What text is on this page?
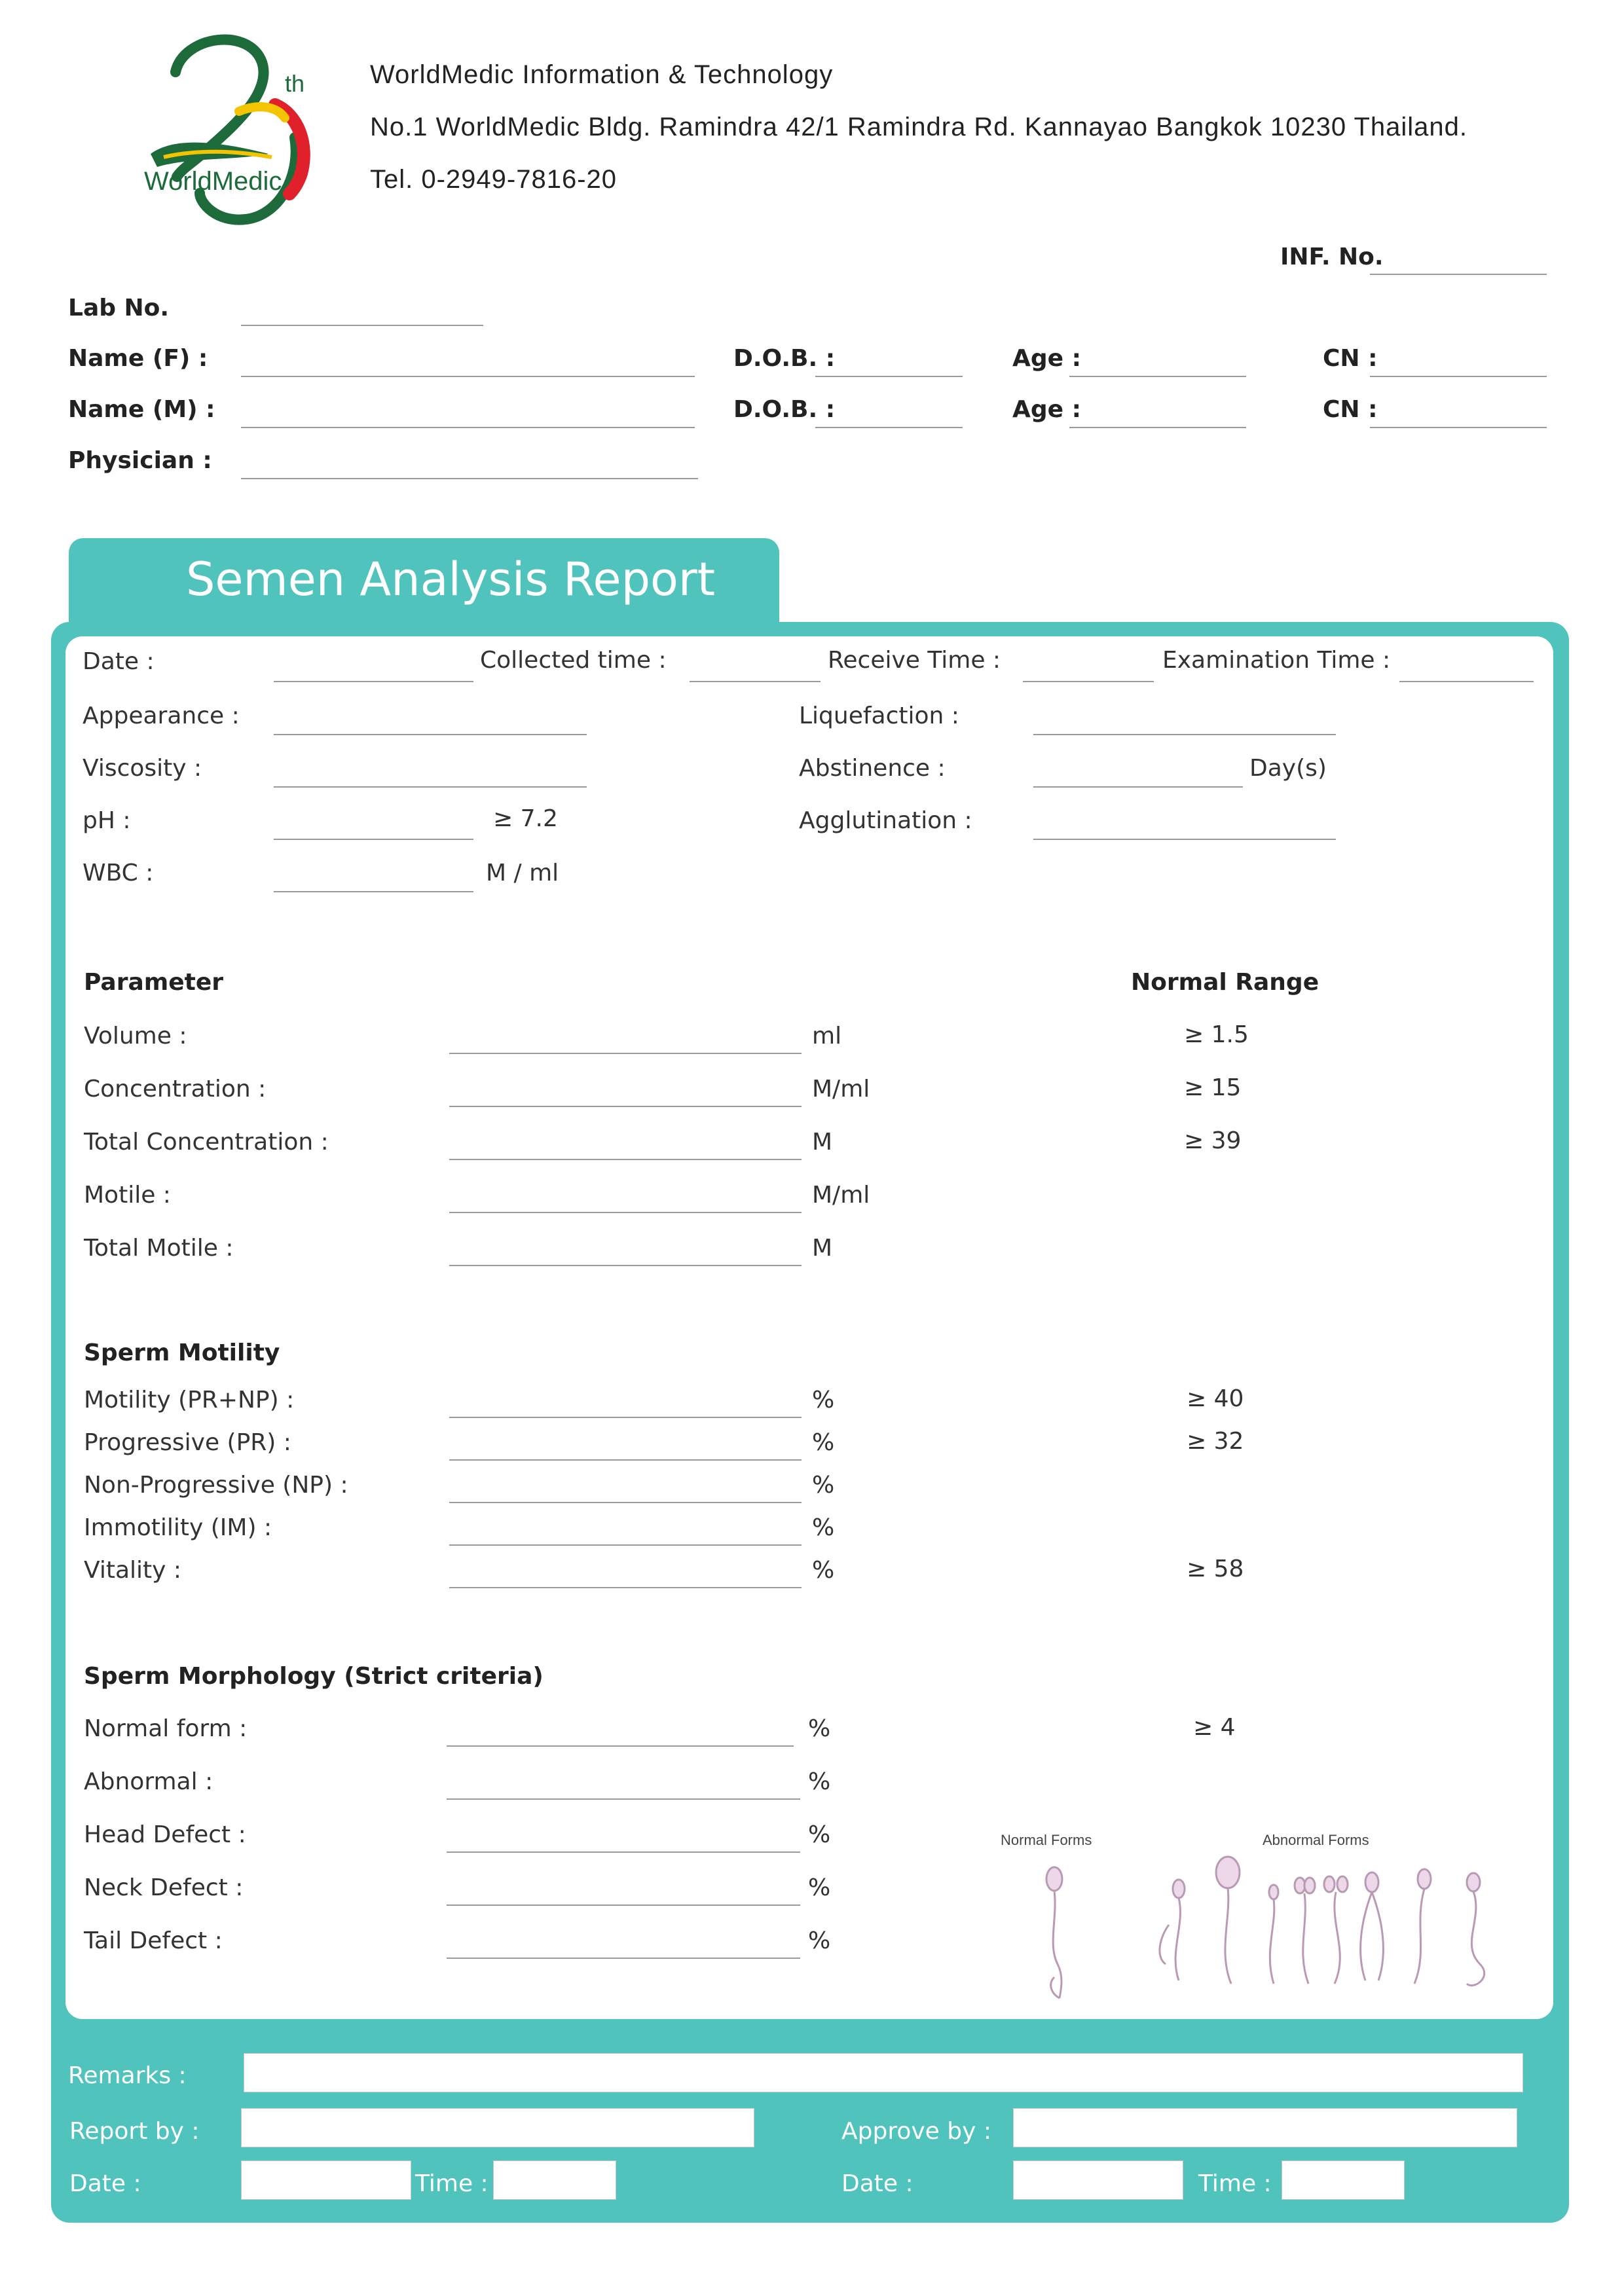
th
WorldMedic
WorldMedic Information & Technology
No.1 WorldMedic Bldg. Ramindra 42/1 Ramindra Rd. Kannayao Bangkok 10230 Thailand.
Tel. 0-2949-7816-20
INF. No.
Lab No.
Name (F) :	D.O.B. :	Age :	CN :
Name (M) :	D.O.B. :	Age :	CN :
Physician :
Semen Analysis Report
Date :	Collected time :	Receive Time :	Examination Time :
Appearance :	Liquefaction :
Viscosity :	Abstinence :	Day(s)
pH :	≥ 7.2	Agglutination :
WBC :	M / ml
Parameter	Normal Range
Volume :	ml	≥ 1.5
Concentration :	M/ml	≥ 15
Total Concentration :	M	≥ 39
Motile :	M/ml
Total Motile :	M
Sperm Motility
Motility (PR+NP) :	%	≥ 40
Progressive (PR) :	%	≥ 32
Non-Progressive (NP) :	%
Immotility (IM) :	%
Vitality :	%	≥ 58
Sperm Morphology (Strict criteria)
Normal form :	%	≥ 4
Abnormal :	%
Head Defect :	%
Neck Defect :	%
Tail Defect :	%
Normal Forms	Abnormal Forms
Remarks :
Report by :	Approve by :
Date :	Time :	Date :	Time :
